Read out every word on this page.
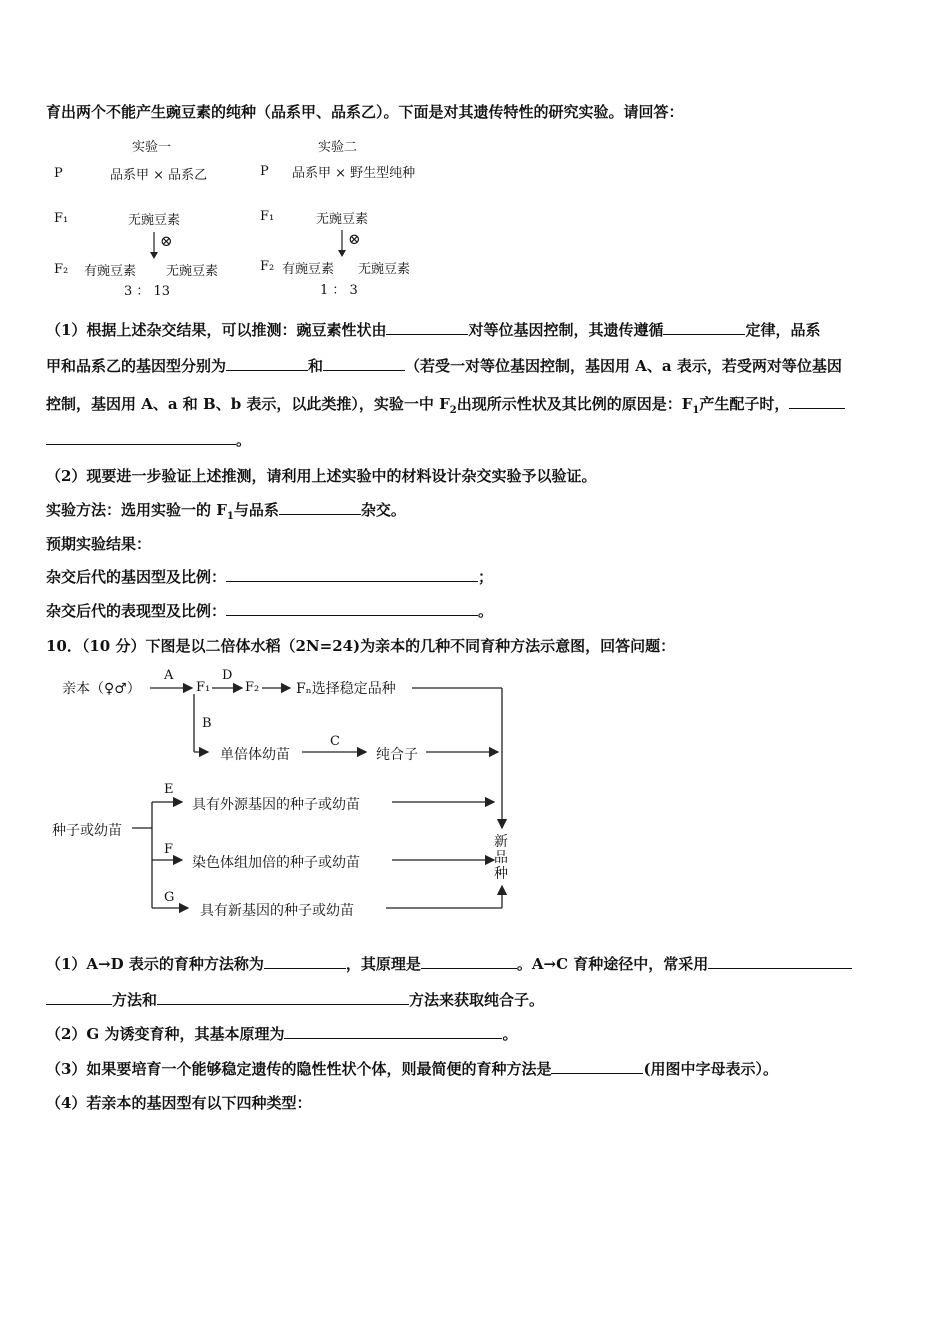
育出两个不能产生豌豆素的纯种（品系甲、品系乙）。下面是对其遗传特性的研究实验。请回答：
实验一
P	品系甲 × 品系乙
F₁	无豌豆素
⊗
F₂ 有豌豆素 无豌豆素
3 ： 13
实验二
P 品系甲 × 野生型纯种
F₁	无豌豆素
⊗
F₂ 有豌豆素 无豌豆素
1 ： 3
（1）根据上述杂交结果，可以推测：豌豆素性状由	对等位基因控制，其遗传遵循	定律，品系
甲和品系乙的基因型分别为	和	（若受一对等位基因控制，基因用 A、a 表示，若受两对等位基因
控制，基因用 A、a 和 B、b 表示，以此类推），实验一中 $F_2$出现所示性状及其比例的原因是：$F_1$产生配子时，
。
（2）现要进一步验证上述推测，请利用上述实验中的材料设计杂交实验予以验证。
实验方法：选用实验一的 $F_1$与品系	杂交。
预期实验结果：
杂交后代的基因型及比例：	；
杂交后代的表现型及比例：	。
10．（10 分）下图是以二倍体水稻（2N=24)为亲本的几种不同育种方法示意图，回答问题：
亲本（♀♂）
A
F₁
D
F₂	Fₙ选择稳定品种
B
单倍体幼苗
C
纯合子
种子或幼苗
E
具有外源基因的种子或幼苗
F
染色体组加倍的种子或幼苗
G
具有新基因的种子或幼苗
新品种
（1）A→D 表示的育种方法称为	，其原理是	。A→C 育种途径中，常采用
方法和	方法来获取纯合子。
（2）G 为诱变育种，其基本原理为	。
（3）如果要培育一个能够稳定遗传的隐性性状个体，则最简便的育种方法是	(用图中字母表示）。
（4）若亲本的基因型有以下四种类型：
